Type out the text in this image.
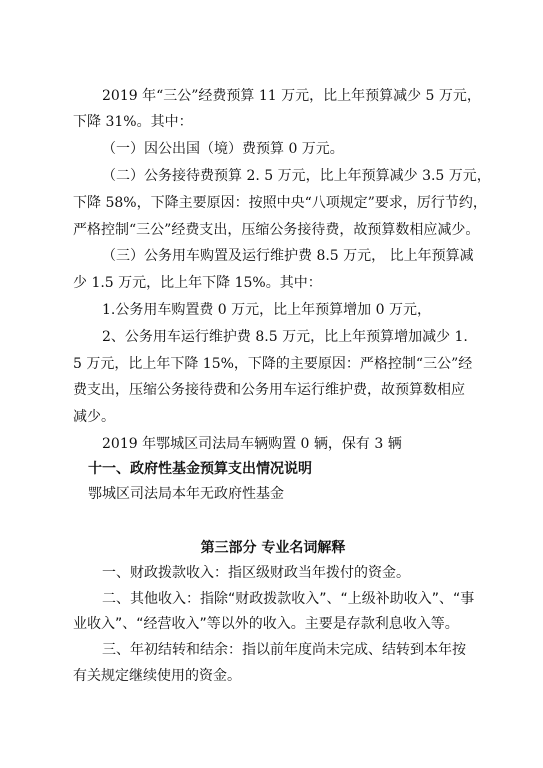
2019 年“三公”经费预算 11 万元，比上年预算减少 5 万元，
下降 31%。其中：
（一）因公出国（境）费预算 0 万元。
（二）公务接待费预算 2. 5 万元，比上年预算减少 3.5 万元，
下降 58%，下降主要原因：按照中央“八项规定”要求，厉行节约，
严格控制“三公”经费支出，压缩公务接待费，故预算数相应减少。
（三）公务用车购置及运行维护费 8.5 万元， 比上年预算减
少 1.5 万元，比上年下降 15%。其中：
1.公务用车购置费 0 万元，比上年预算增加 0 万元，
2、公务用车运行维护费 8.5 万元，比上年预算增加减少 1.
5 万元，比上年下降 15%，下降的主要原因：严格控制“三公”经
费支出，压缩公务接待费和公务用车运行维护费，故预算数相应
减少。
2019 年鄂城区司法局车辆购置 0 辆，保有 3 辆
十一、政府性基金预算支出情况说明
鄂城区司法局本年无政府性基金
第三部分 专业名词解释
一、财政拨款收入：指区级财政当年拨付的资金。
二、其他收入：指除“财政拨款收入”、“上级补助收入”、“事
业收入”、“经营收入”等以外的收入。主要是存款利息收入等。
三、年初结转和结余：指以前年度尚未完成、结转到本年按
有关规定继续使用的资金。
